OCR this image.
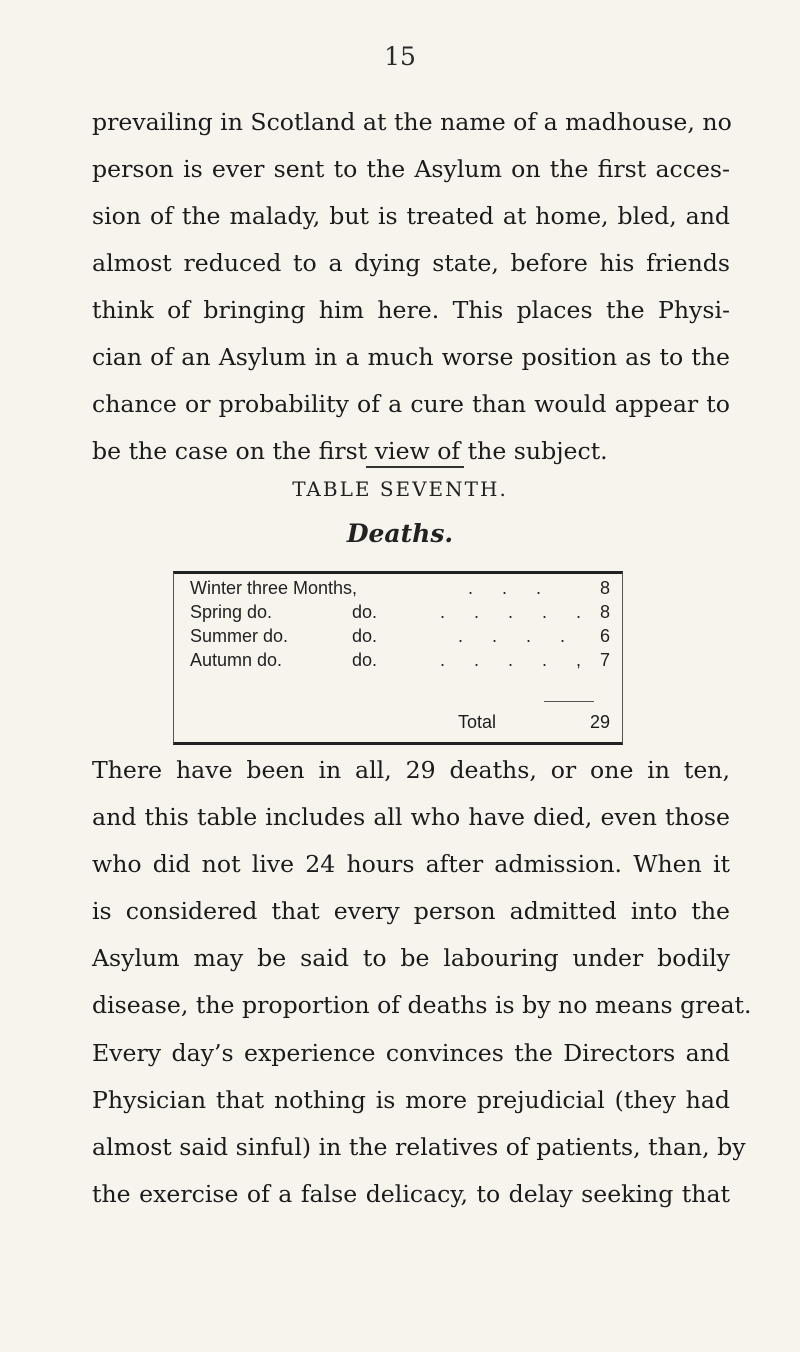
15
prevailing in Scotland at the name of a madhouse, no
person is ever sent to the Asylum on the first acces-
sion of the malady, but is treated at home, bled, and
almost reduced to a dying state, before his friends
think of bringing him here. This places the Physi-
cian of an Asylum in a much worse position as to the
chance or probability of a cure than would appear to
be the case on the first view of the subject.
TABLE SEVENTH.
Deaths.
Winter three Months,	. . .	8
Spring do.	do.	. . . . . 8
Summer do.	do.	. . . .	6
Autumn do.	do.	. . . . , 7
Total	29
There have been in all, 29 deaths, or one in ten,
and this table includes all who have died, even those
who did not live 24 hours after admission. When it
is considered that every person admitted into the
Asylum may be said to be labouring under bodily
disease, the proportion of deaths is by no means great.
Every day’s experience convinces the Directors and
Physician that nothing is more prejudicial (they had
almost said sinful) in the relatives of patients, than, by
the exercise of a false delicacy, to delay seeking that
